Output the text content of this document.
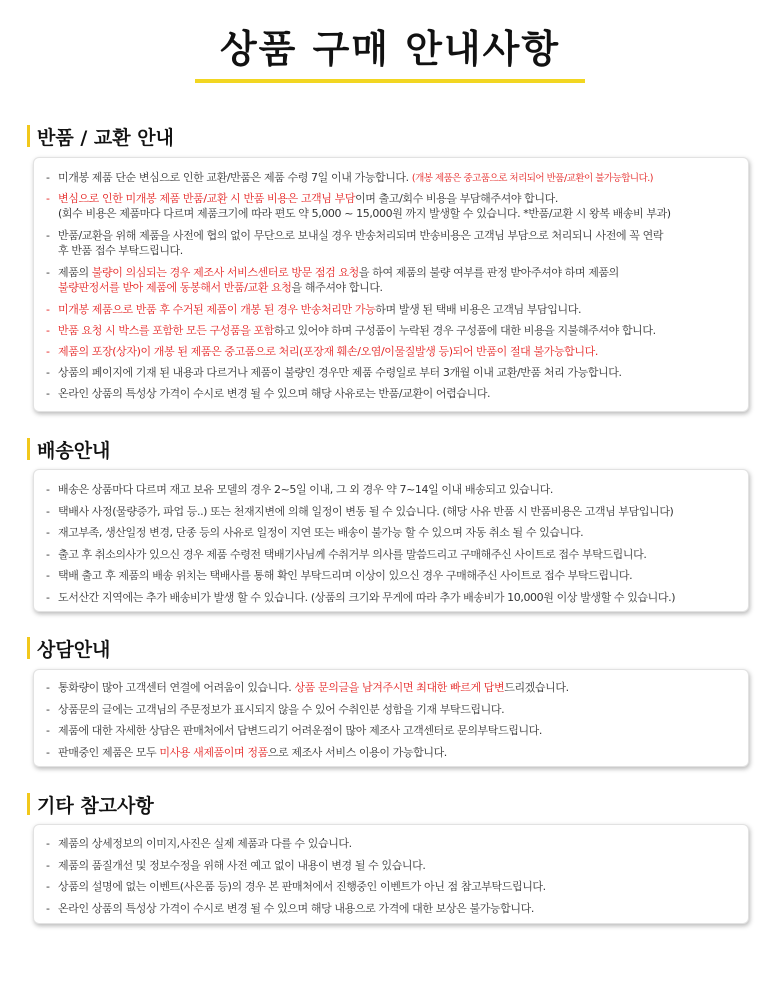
상품 구매 안내사항
반품 / 교환 안내
- 미개봉 제품 단순 변심으로 인한 교환/반품은 제품 수령 7일 이내 가능합니다. (개봉 제품은 중고품으로 처리되어 반품/교환이 불가능합니다.)
- 변심으로 인한 미개봉 제품 반품/교환 시 반품 비용은 고객님 부담이며 출고/회수 비용을 부담해주셔야 합니다.
(회수 비용은 제품마다 다르며 제품크기에 따라 편도 약 5,000 ~ 15,000원 까지 발생할 수 있습니다. *반품/교환 시 왕복 배송비 부과)
- 반품/교환을 위해 제품을 사전에 협의 없이 무단으로 보내실 경우 반송처리되며 반송비용은 고객님 부담으로 처리되니 사전에 꼭 연락
후 반품 접수 부탁드립니다.
- 제품의 불량이 의심되는 경우 제조사 서비스센터로 방문 점검 요청을 하여 제품의 불량 여부를 판정 받아주셔야 하며 제품의
불량판정서를 받아 제품에 동봉해서 반품/교환 요청을 해주셔야 합니다.
- 미개봉 제품으로 반품 후 수거된 제품이 개봉 된 경우 반송처리만 가능하며 발생 된 택배 비용은 고객님 부담입니다.
- 반품 요청 시 박스를 포함한 모든 구성품을 포함하고 있어야 하며 구성품이 누락된 경우 구성품에 대한 비용을 지불해주셔야 합니다.
- 제품의 포장(상자)이 개봉 된 제품은 중고품으로 처리(포장재 훼손/오염/이물질발생 등)되어 반품이 절대 불가능합니다.
- 상품의 페이지에 기재 된 내용과 다르거나 제품이 불량인 경우만 제품 수령일로 부터 3개월 이내 교환/반품 처리 가능합니다.
- 온라인 상품의 특성상 가격이 수시로 변경 될 수 있으며 해당 사유로는 반품/교환이 어렵습니다.
배송안내
- 배송은 상품마다 다르며 재고 보유 모델의 경우 2~5일 이내, 그 외 경우 약 7~14일 이내 배송되고 있습니다.
- 택배사 사정(물량증가, 파업 등..) 또는 천재지변에 의해 일정이 변동 될 수 있습니다. (해당 사유 반품 시 반품비용은 고객님 부담입니다)
- 재고부족, 생산일정 변경, 단종 등의 사유로 일정이 지연 또는 배송이 불가능 할 수 있으며 자동 취소 될 수 있습니다.
- 출고 후 취소의사가 있으신 경우 제품 수령전 택배기사님께 수취거부 의사를 말씀드리고 구매해주신 사이트로 접수 부탁드립니다.
- 택배 출고 후 제품의 배송 위치는 택배사를 통해 확인 부탁드리며 이상이 있으신 경우 구매해주신 사이트로 접수 부탁드립니다.
- 도서산간 지역에는 추가 배송비가 발생 할 수 있습니다. (상품의 크기와 무게에 따라 추가 배송비가 10,000원 이상 발생할 수 있습니다.)
상담안내
- 통화량이 많아 고객센터 연결에 어려움이 있습니다. 상품 문의글을 남겨주시면 최대한 빠르게 답변드리겠습니다.
- 상품문의 글에는 고객님의 주문정보가 표시되지 않을 수 있어 수취인분 성함을 기재 부탁드립니다.
- 제품에 대한 자세한 상담은 판매처에서 답변드리기 어려운점이 많아 제조사 고객센터로 문의부탁드립니다.
- 판매중인 제품은 모두 미사용 새제품이며 정품으로 제조사 서비스 이용이 가능합니다.
기타 참고사항
- 제품의 상세정보의 이미지,사진은 실제 제품과 다를 수 있습니다.
- 제품의 품질개선 및 정보수정을 위해 사전 예고 없이 내용이 변경 될 수 있습니다.
- 상품의 설명에 없는 이벤트(사은품 등)의 경우 본 판매처에서 진행중인 이벤트가 아닌 점 참고부탁드립니다.
- 온라인 상품의 특성상 가격이 수시로 변경 될 수 있으며 해당 내용으로 가격에 대한 보상은 불가능합니다.
